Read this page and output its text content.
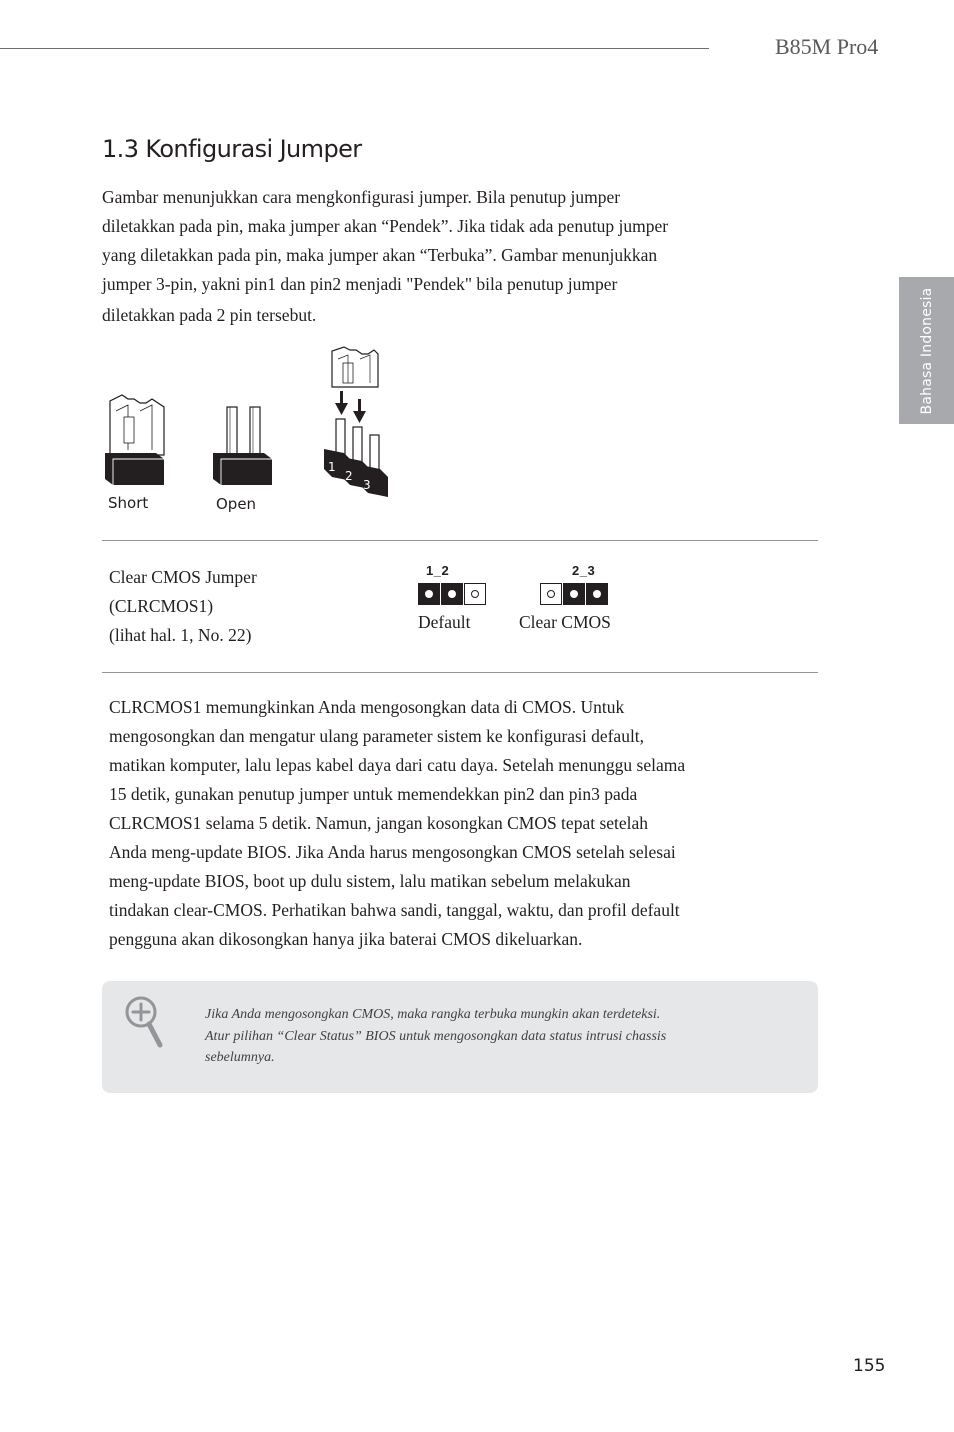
B85M Pro4
Bahasa Indonesia
1.3 Konfigurasi Jumper
Gambar menunjukkan cara mengkonfigurasi jumper. Bila penutup jumper
diletakkan pada pin, maka jumper akan “Pendek”. Jika tidak ada penutup jumper
yang diletakkan pada pin, maka jumper akan “Terbuka”. Gambar menunjukkan
jumper 3-pin, yakni pin1 dan pin2 menjadi "Pendek" bila penutup jumper
diletakkan pada 2 pin tersebut.
1
2
3
Short	Open
Clear CMOS Jumper
(CLRCMOS1)
(lihat hal. 1, No. 22)
1_2
Default
2_3
Clear CMOS
CLRCMOS1 memungkinkan Anda mengosongkan data di CMOS. Untuk
mengosongkan dan mengatur ulang parameter sistem ke konfigurasi default,
matikan komputer, lalu lepas kabel daya dari catu daya. Setelah menunggu selama
15 detik, gunakan penutup jumper untuk memendekkan pin2 dan pin3 pada
CLRCMOS1 selama 5 detik. Namun, jangan kosongkan CMOS tepat setelah
Anda meng-update BIOS. Jika Anda harus mengosongkan CMOS setelah selesai
meng-update BIOS, boot up dulu sistem, lalu matikan sebelum melakukan
tindakan clear-CMOS. Perhatikan bahwa sandi, tanggal, waktu, dan profil default
pengguna akan dikosongkan hanya jika baterai CMOS dikeluarkan.
Jika Anda mengosongkan CMOS, maka rangka terbuka mungkin akan terdeteksi.
Atur pilihan “Clear Status” BIOS untuk mengosongkan data status intrusi chassis
sebelumnya.
155
